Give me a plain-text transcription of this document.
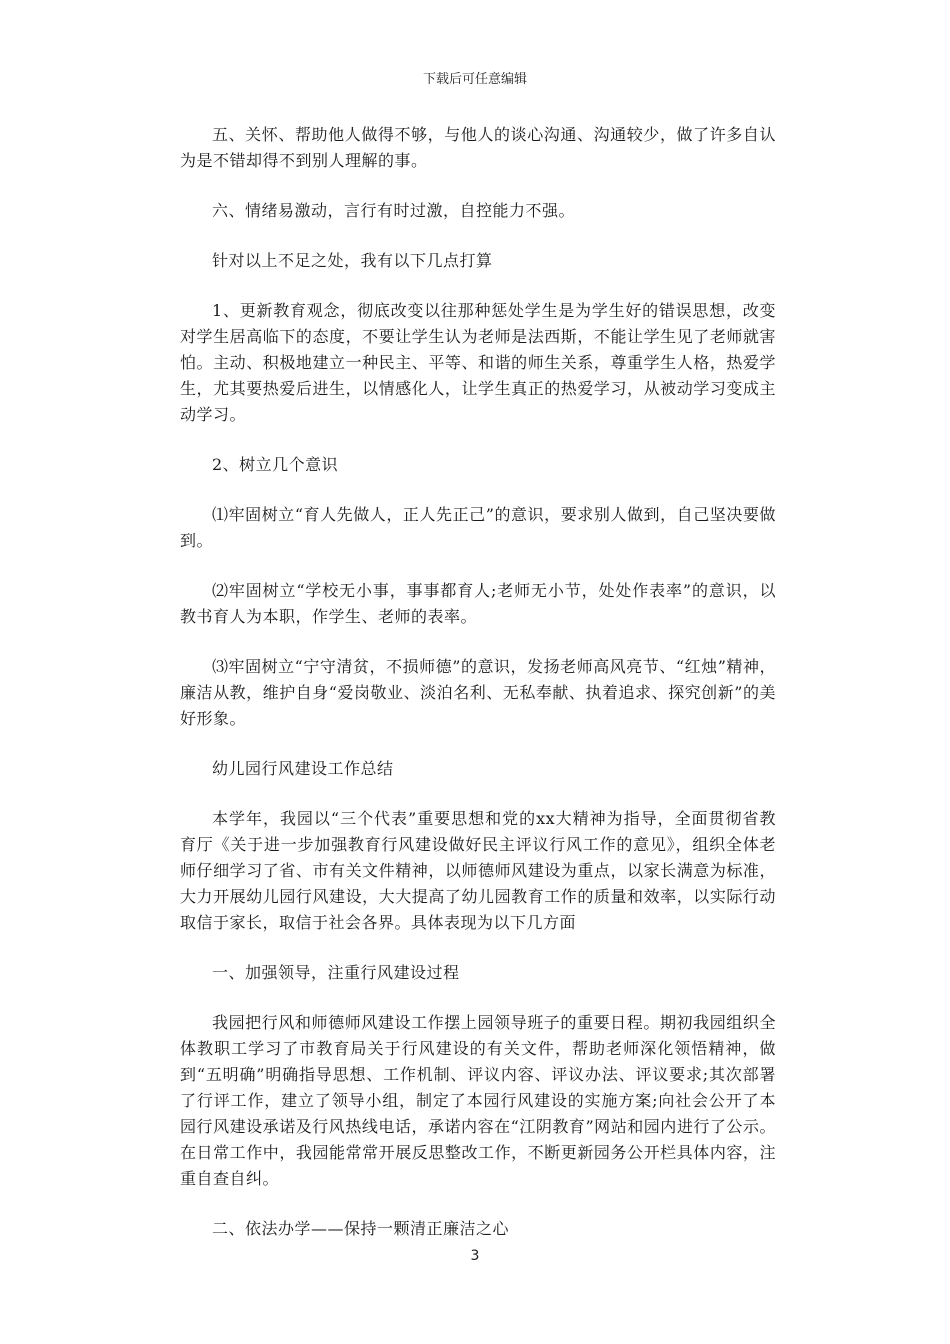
下载后可任意编辑

五、关怀、帮助他人做得不够，与他人的谈心沟通、沟通较少，做了许多自认为是不错却得不到别人理解的事。

六、情绪易激动，言行有时过激，自控能力不强。

针对以上不足之处，我有以下几点打算

1、更新教育观念，彻底改变以往那种惩处学生是为学生好的错误思想，改变对学生居高临下的态度，不要让学生认为老师是法西斯，不能让学生见了老师就害怕。主动、积极地建立一种民主、平等、和谐的师生关系，尊重学生人格，热爱学生，尤其要热爱后进生，以情感化人，让学生真正的热爱学习，从被动学习变成主动学习。

2、树立几个意识

⑴牢固树立“育人先做人，正人先正己”的意识，要求别人做到，自己坚决要做到。

⑵牢固树立“学校无小事，事事都育人;老师无小节，处处作表率”的意识，以教书育人为本职，作学生、老师的表率。

⑶牢固树立“宁守清贫，不损师德”的意识，发扬老师高风亮节、“红烛”精神，廉洁从教，维护自身“爱岗敬业、淡泊名利、无私奉献、执着追求、探究创新”的美好形象。

幼儿园行风建设工作总结

本学年，我园以“三个代表”重要思想和党的xx大精神为指导，全面贯彻省教育厅《关于进一步加强教育行风建设做好民主评议行风工作的意见》，组织全体老师仔细学习了省、市有关文件精神，以师德师风建设为重点，以家长满意为标准，大力开展幼儿园行风建设，大大提高了幼儿园教育工作的质量和效率，以实际行动取信于家长，取信于社会各界。具体表现为以下几方面

一、加强领导，注重行风建设过程

我园把行风和师德师风建设工作摆上园领导班子的重要日程。期初我园组织全体教职工学习了市教育局关于行风建设的有关文件，帮助老师深化领悟精神，做到“五明确”明确指导思想、工作机制、评议内容、评议办法、评议要求;其次部署了行评工作，建立了领导小组，制定了本园行风建设的实施方案;向社会公开了本园行风建设承诺及行风热线电话，承诺内容在“江阴教育”网站和园内进行了公示。 在日常工作中，我园能常常开展反思整改工作，不断更新园务公开栏具体内容，注重自查自纠。

二、依法办学——保持一颗清正廉洁之心

3
